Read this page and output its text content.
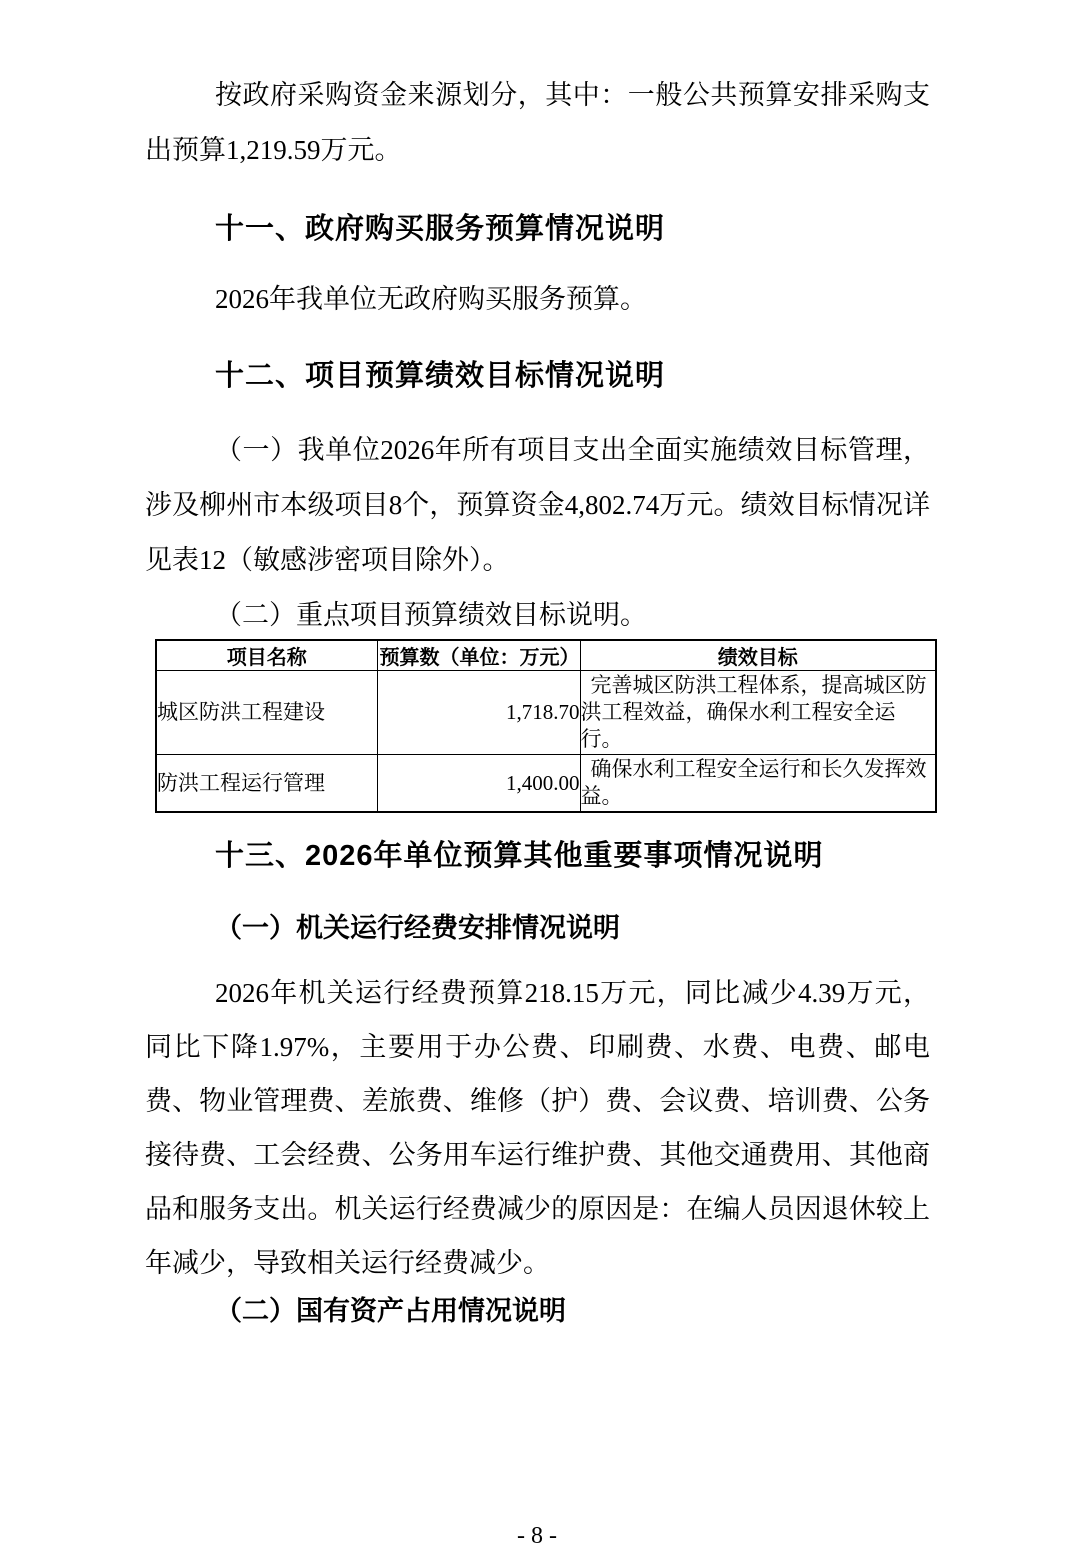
按政府采购资金来源划分，其中：一般公共预算安排采购支出预算1,219.59万元。

十一、政府购买服务预算情况说明

2026年我单位无政府购买服务预算。

十二、项目预算绩效目标情况说明

（一）我单位2026年所有项目支出全面实施绩效目标管理，涉及柳州市本级项目8个，预算资金4,802.74万元。绩效目标情况详见表12（敏感涉密项目除外）。

（二）重点项目预算绩效目标说明。

项目名称	预算数（单位：万元）	绩效目标
城区防洪工程建设	1,718.70	完善城区防洪工程体系，提高城区防洪工程效益，确保水利工程安全运行。
防洪工程运行管理	1,400.00	确保水利工程安全运行和长久发挥效益。
十三、2026年单位预算其他重要事项情况说明
（一）机关运行经费安排情况说明

2026年机关运行经费预算218.15万元，同比减少4.39万元，同比下降1.97%，主要用于办公费、印刷费、水费、电费、邮电费、物业管理费、差旅费、维修（护）费、会议费、培训费、公务接待费、工会经费、公务用车运行维护费、其他交通费用、其他商品和服务支出。机关运行经费减少的原因是：在编人员因退休较上年减少，导致相关运行经费减少。

（二）国有资产占用情况说明
- 8 -
